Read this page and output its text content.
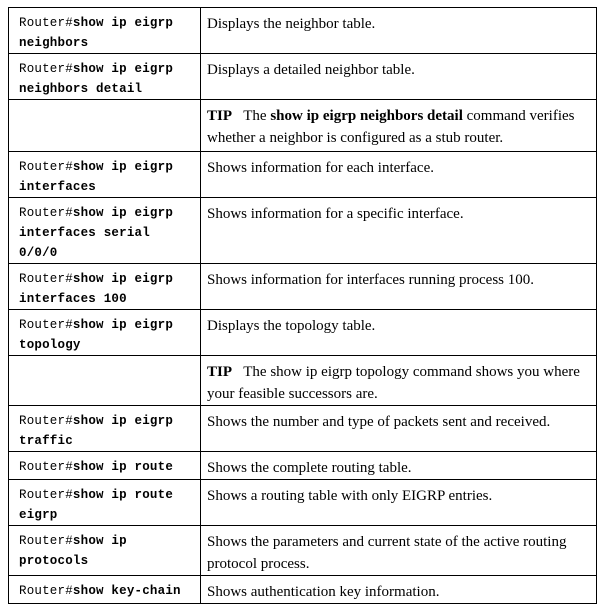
Router#show ip eigrp
neighbors	Displays the neighbor table.
Router#show ip eigrp
neighbors detail	Displays a detailed neighbor table.
	TIP The show ip eigrp neighbors detail command verifies whether a neighbor is configured as a stub router.
Router#show ip eigrp
interfaces	Shows information for each interface.
Router#show ip eigrp
interfaces serial
0/0/0	Shows information for a specific interface.
Router#show ip eigrp
interfaces 100	Shows information for interfaces running process 100.
Router#show ip eigrp
topology	Displays the topology table.
	TIP The show ip eigrp topology command shows you where your feasible successors are.
Router#show ip eigrp
traffic	Shows the number and type of packets sent and received.
Router#show ip route	Shows the complete routing table.
Router#show ip route
eigrp	Shows a routing table with only EIGRP entries.
Router#show ip
protocols	Shows the parameters and current state of the active routing protocol process.
Router#show key-chain	Shows authentication key information.
